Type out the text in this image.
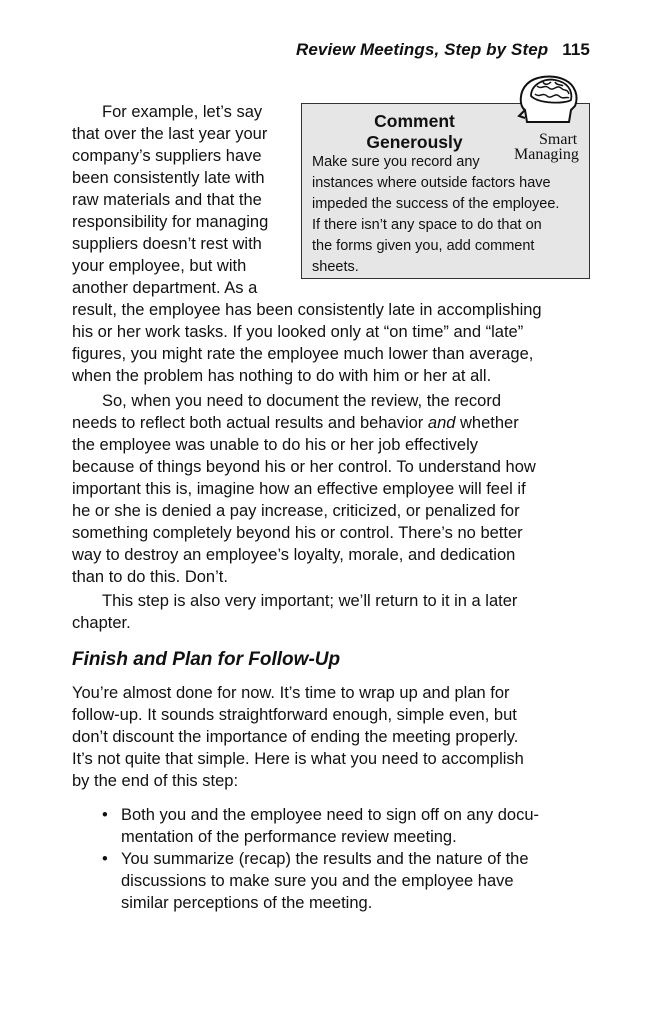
Review Meetings, Step by Step 115
For example, let’s say
that over the last year your
company’s suppliers have
been consistently late with
raw materials and that the
responsibility for managing
suppliers doesn’t rest with
your employee, but with
another department. As a
result, the employee has been consistently late in accomplishing
his or her work tasks. If you looked only at “on time” and “late”
figures, you might rate the employee much lower than average,
when the problem has nothing to do with him or her at all.
Comment
Generously
Make sure you record any
instances where outside factors have
impeded the success of the employee.
If there isn’t any space to do that on
the forms given you, add comment
sheets.
Smart
Managing
So, when you need to document the review, the record
needs to reflect both actual results and behavior and whether
the employee was unable to do his or her job effectively
because of things beyond his or her control. To understand how
important this is, imagine how an effective employee will feel if
he or she is denied a pay increase, criticized, or penalized for
something completely beyond his or control. There’s no better
way to destroy an employee’s loyalty, morale, and dedication
than to do this. Don’t.
This step is also very important; we’ll return to it in a later
chapter.
Finish and Plan for Follow-Up
You’re almost done for now. It’s time to wrap up and plan for
follow-up. It sounds straightforward enough, simple even, but
don’t discount the importance of ending the meeting properly.
It’s not quite that simple. Here is what you need to accomplish
by the end of this step:
• Both you and the employee need to sign off on any docu-
mentation of the performance review meeting.
• You summarize (recap) the results and the nature of the
discussions to make sure you and the employee have
similar perceptions of the meeting.
